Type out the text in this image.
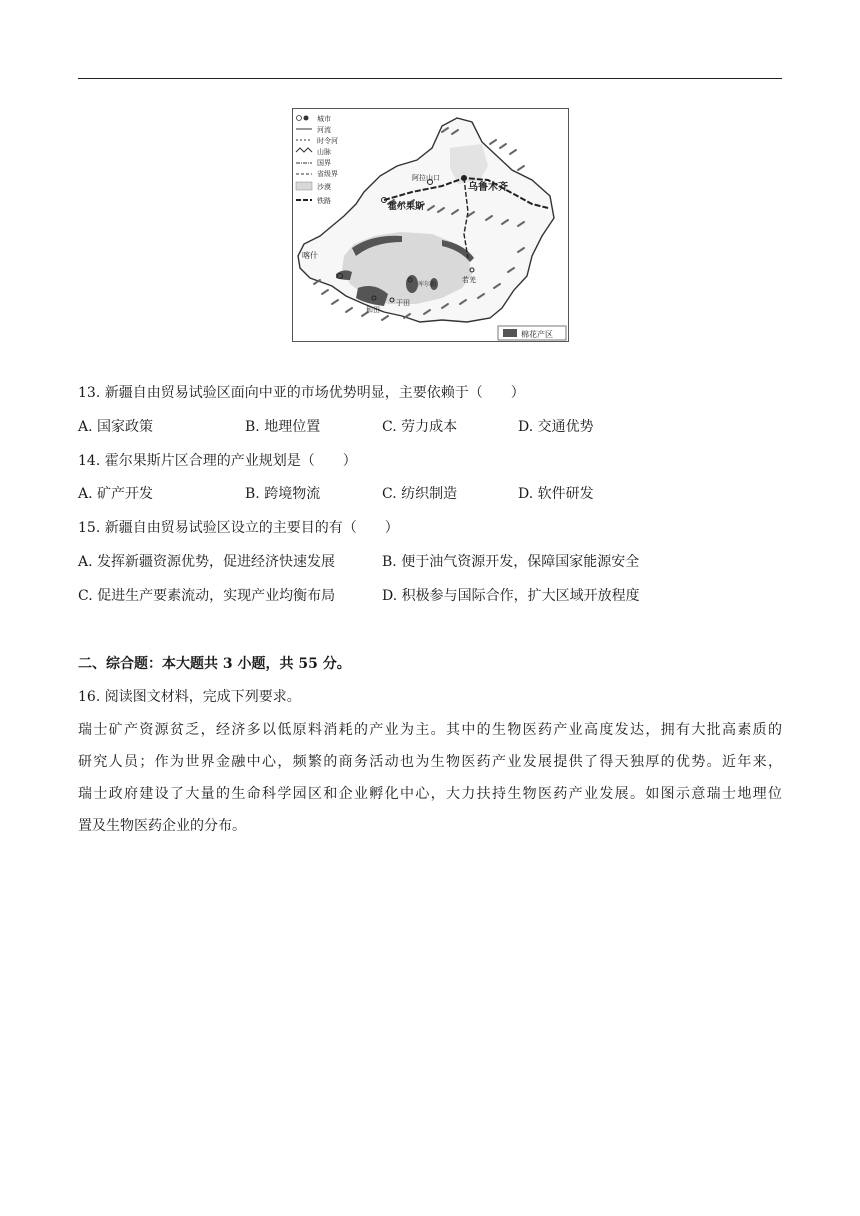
城市
河流
时令河
山脉
国界
省级界
沙漠
铁路
乌鲁木齐
阿拉山口
霍尔果斯
喀什
库尔勒
若羌
和田
于田
棉花产区
13. 新疆自由贸易试验区面向中亚的市场优势明显，主要依赖于（　　）
A. 国家政策	B. 地理位置	C. 劳力成本	D. 交通优势
14. 霍尔果斯片区合理的产业规划是（　　）
A. 矿产开发	B. 跨境物流	C. 纺织制造	D. 软件研发
15. 新疆自由贸易试验区设立的主要目的有（　　）
A. 发挥新疆资源优势，促进经济快速发展	B. 便于油气资源开发，保障国家能源安全
C. 促进生产要素流动，实现产业均衡布局	D. 积极参与国际合作，扩大区域开放程度
二、综合题：本大题共 3 小题，共 55 分。
16. 阅读图文材料，完成下列要求。
瑞士矿产资源贫乏，经济多以低原料消耗的产业为主。其中的生物医药产业高度发达，拥有大批高素质的
研究人员；作为世界金融中心，频繁的商务活动也为生物医药产业发展提供了得天独厚的优势。近年来，
瑞士政府建设了大量的生命科学园区和企业孵化中心，大力扶持生物医药产业发展。如图示意瑞士地理位
置及生物医药企业的分布。
